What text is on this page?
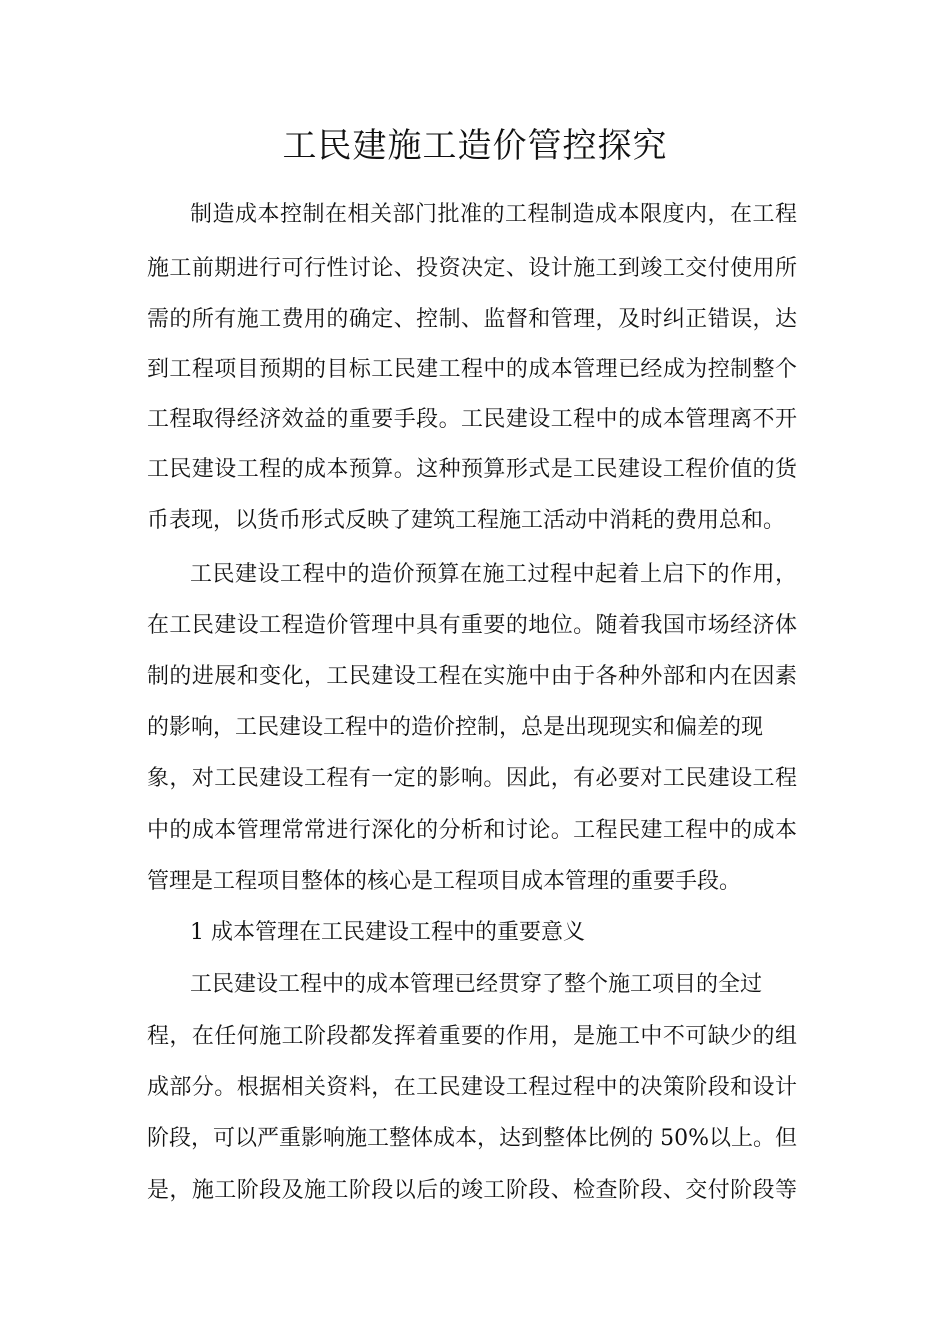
工民建施工造价管控探究
制造成本控制在相关部门批准的工程制造成本限度内，在工程
施工前期进行可行性讨论、投资决定、设计施工到竣工交付使用所
需的所有施工费用的确定、控制、监督和管理，及时纠正错误，达
到工程项目预期的目标工民建工程中的成本管理已经成为控制整个
工程取得经济效益的重要手段。工民建设工程中的成本管理离不开
工民建设工程的成本预算。这种预算形式是工民建设工程价值的货
币表现，以货币形式反映了建筑工程施工活动中消耗的费用总和。
工民建设工程中的造价预算在施工过程中起着上启下的作用，
在工民建设工程造价管理中具有重要的地位。随着我国市场经济体
制的进展和变化，工民建设工程在实施中由于各种外部和内在因素
的影响，工民建设工程中的造价控制，总是出现现实和偏差的现
象，对工民建设工程有一定的影响。因此，有必要对工民建设工程
中的成本管理常常进行深化的分析和讨论。工程民建工程中的成本
管理是工程项目整体的核心是工程项目成本管理的重要手段。
1 成本管理在工民建设工程中的重要意义
工民建设工程中的成本管理已经贯穿了整个施工项目的全过
程，在任何施工阶段都发挥着重要的作用，是施工中不可缺少的组
成部分。根据相关资料，在工民建设工程过程中的决策阶段和设计
阶段，可以严重影响施工整体成本，达到整体比例的 50%以上。但
是，施工阶段及施工阶段以后的竣工阶段、检查阶段、交付阶段等
